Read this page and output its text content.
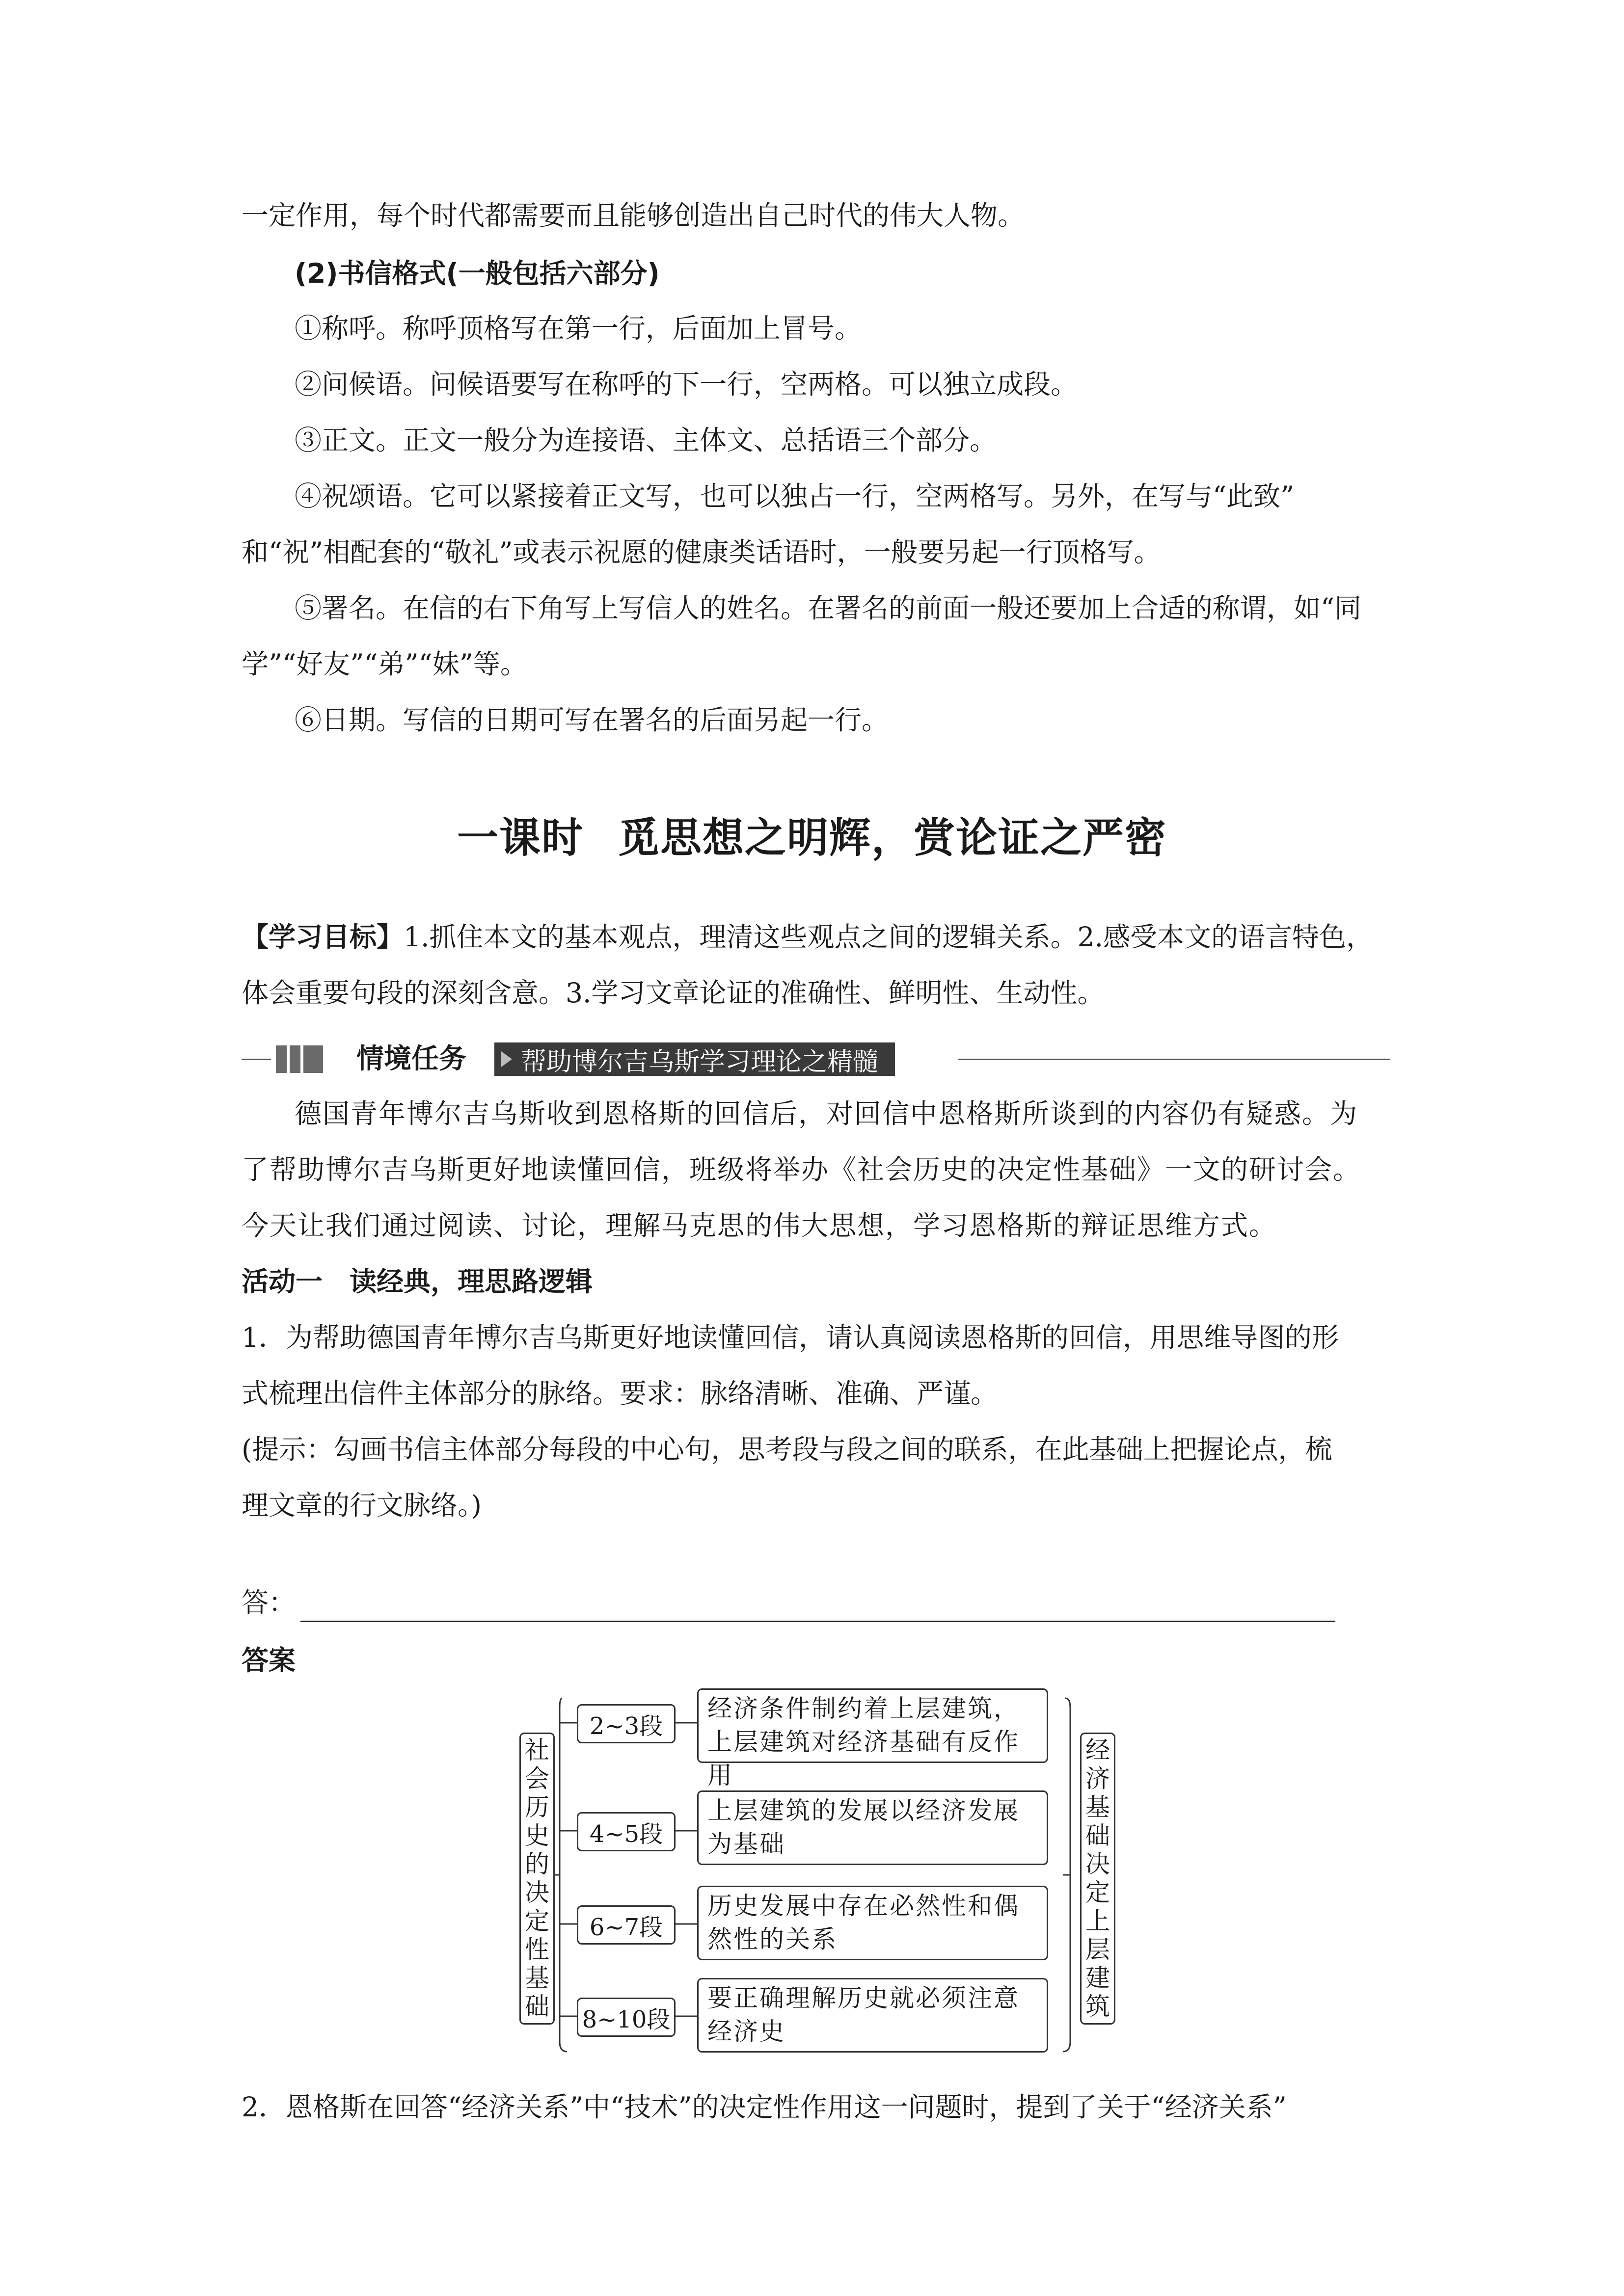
一定作用，每个时代都需要而且能够创造出自己时代的伟大人物。

(2)书信格式(一般包括六部分)

①称呼。称呼顶格写在第一行，后面加上冒号。

②问候语。问候语要写在称呼的下一行，空两格。可以独立成段。

③正文。正文一般分为连接语、主体文、总括语三个部分。

④祝颂语。它可以紧接着正文写，也可以独占一行，空两格写。另外，在写与“此致”

和“祝”相配套的“敬礼”或表示祝愿的健康类话语时，一般要另起一行顶格写。

⑤署名。在信的右下角写上写信人的姓名。在署名的前面一般还要加上合适的称谓，如“同

学”“好友”“弟”“妹”等。

⑥日期。写信的日期可写在署名的后面另起一行。

一课时 觅思想之明辉，赏论证之严密

【学习目标】1.抓住本文的基本观点，理清这些观点之间的逻辑关系。2.感受本文的语言特色，

体会重要句段的深刻含意。3.学习文章论证的准确性、鲜明性、生动性。

情境任务 帮助博尔吉乌斯学习理论之精髓

德国青年博尔吉乌斯收到恩格斯的回信后，对回信中恩格斯所谈到的内容仍有疑惑。为

了帮助博尔吉乌斯更好地读懂回信，班级将举办《社会历史的决定性基础》一文的研讨会。

今天让我们通过阅读、讨论，理解马克思的伟大思想，学习恩格斯的辩证思维方式。

活动一　读经典，理思路逻辑

1．为帮助德国青年博尔吉乌斯更好地读懂回信，请认真阅读恩格斯的回信，用思维导图的形

式梳理出信件主体部分的脉络。要求：脉络清晰、准确、严谨。

(提示：勾画书信主体部分每段的中心句，思考段与段之间的联系，在此基础上把握论点，梳

理文章的行文脉络。)

答：

答案

社
会
历
史
的
决
定
性
基
础
2~3段
4~5段
6~7段
8~10段
经济条件制约着上层建筑，上层建筑对经济基础有反作用
上层建筑的发展以经济发展为基础
历史发展中存在必然性和偶然性的关系
要正确理解历史就必须注意经济史
经
济
基
础
决
定
上
层
建
筑

2．恩格斯在回答“经济关系”中“技术”的决定性作用这一问题时，提到了关于“经济关系”
